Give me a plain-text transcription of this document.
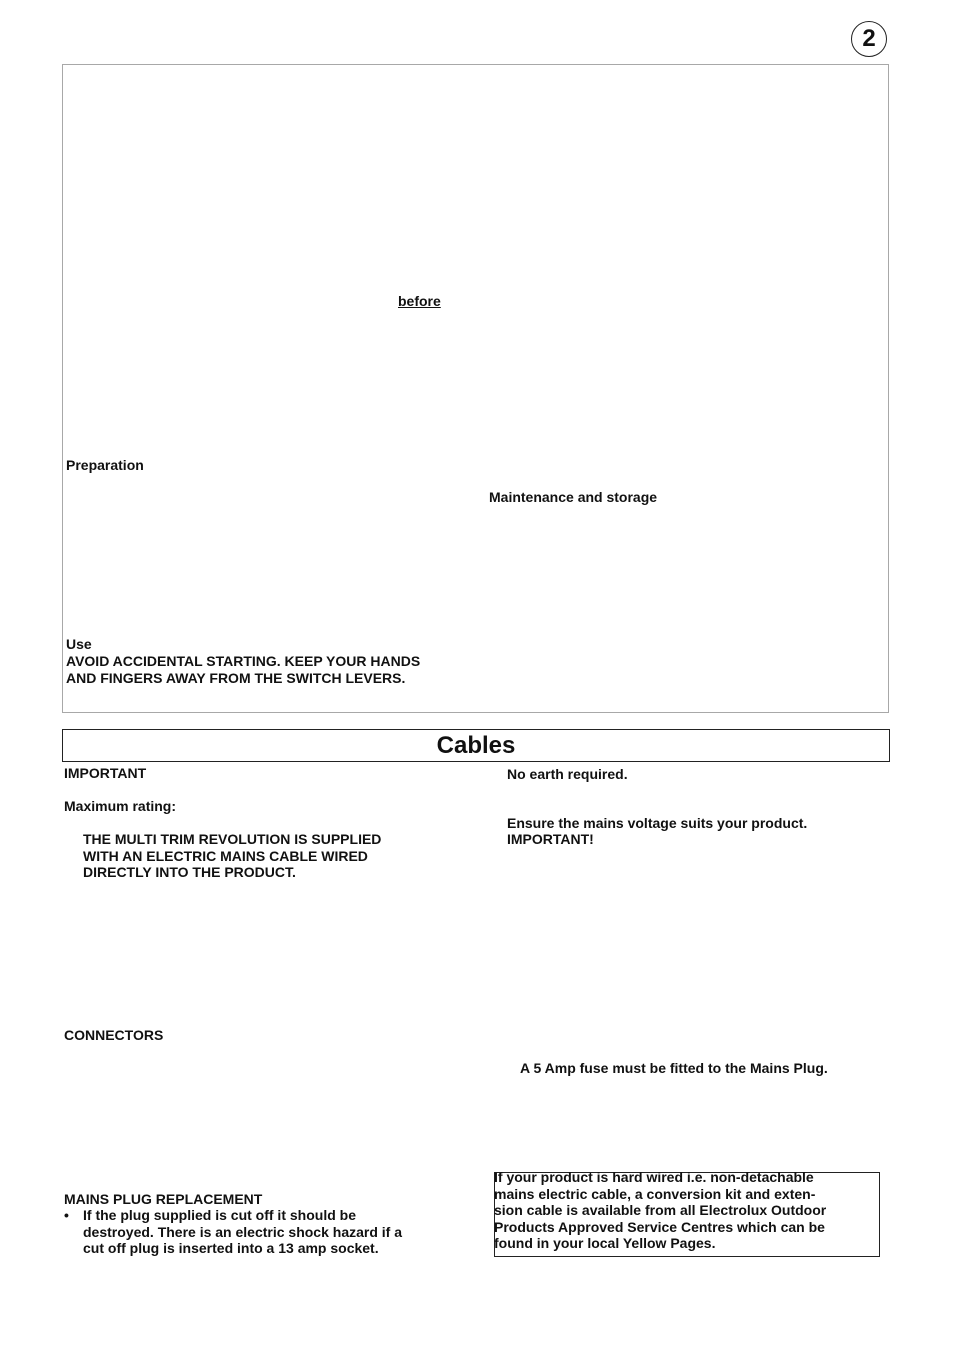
2
before
Preparation
Maintenance and storage
Use
AVOID ACCIDENTAL STARTING. KEEP YOUR HANDS
AND FINGERS AWAY FROM THE SWITCH LEVERS.
Cables
IMPORTANT
Maximum rating:
THE MULTI TRIM REVOLUTION IS SUPPLIED
WITH AN ELECTRIC MAINS CABLE WIRED
DIRECTLY INTO THE PRODUCT.
CONNECTORS
MAINS PLUG REPLACEMENT
•	If the plug supplied is cut off it should be
destroyed. There is an electric shock hazard if a
cut off plug is inserted into a 13 amp socket.
No earth required.
Ensure the mains voltage suits your product.
IMPORTANT!
A 5 Amp fuse must be fitted to the Mains Plug.
If your product is hard wired i.e. non-detachable
mains electric cable, a conversion kit and exten-
sion cable is available from all Electrolux Outdoor
Products Approved Service Centres which can be
found in your local Yellow Pages.
